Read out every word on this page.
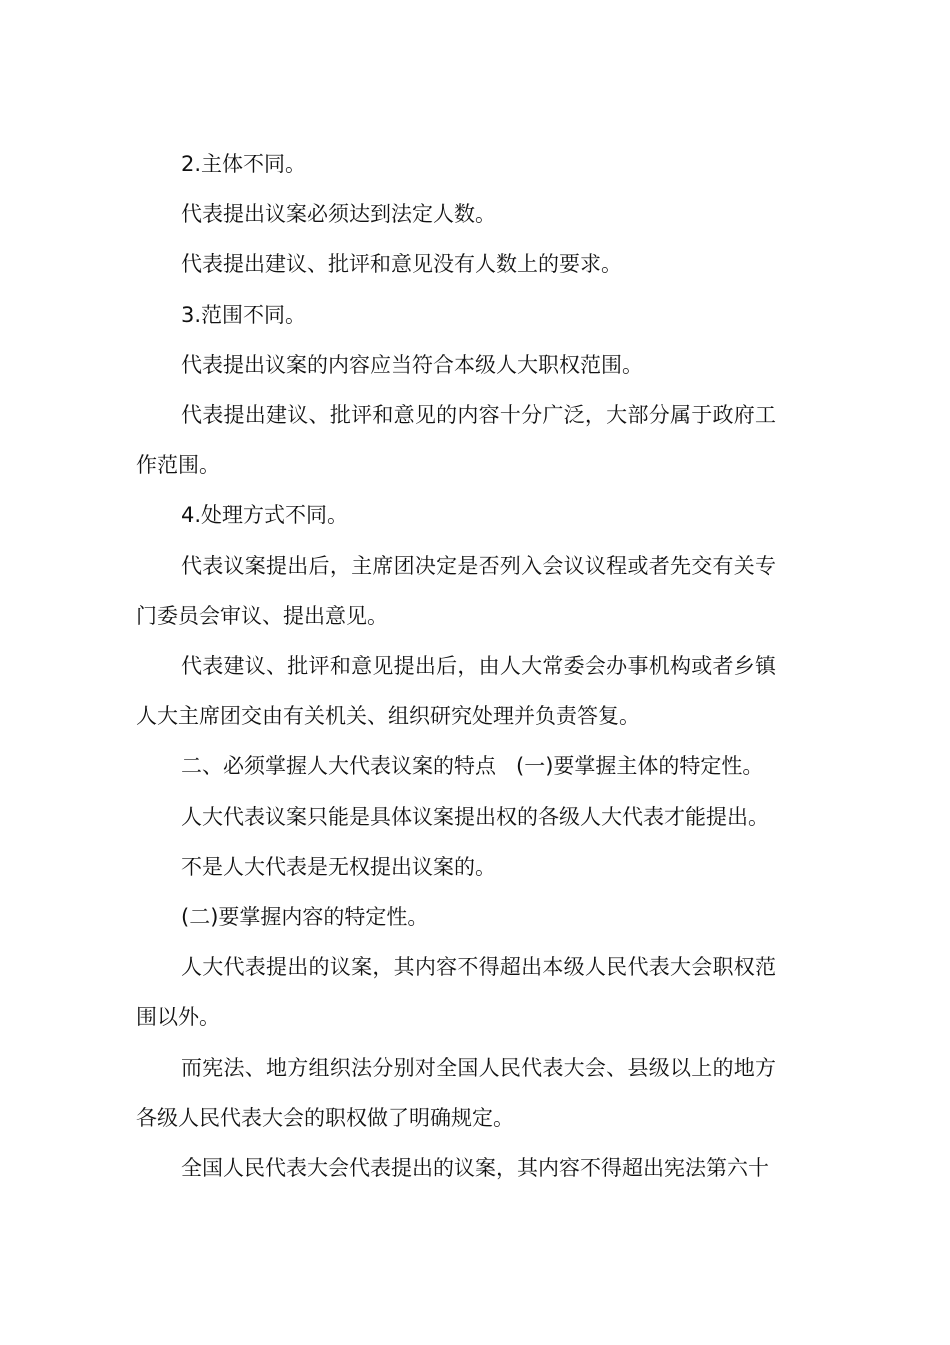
2.主体不同。

代表提出议案必须达到法定人数。

代表提出建议、批评和意见没有人数上的要求。

3.范围不同。

代表提出议案的内容应当符合本级人大职权范围。

代表提出建议、批评和意见的内容十分广泛，大部分属于政府工作范围。

4.处理方式不同。

代表议案提出后，主席团决定是否列入会议议程或者先交有关专门委员会审议、提出意见。

代表建议、批评和意见提出后，由人大常委会办事机构或者乡镇人大主席团交由有关机关、组织研究处理并负责答复。

二、必须掌握人大代表议案的特点 (一)要掌握主体的特定性。

人大代表议案只能是具体议案提出权的各级人大代表才能提出。

不是人大代表是无权提出议案的。

(二)要掌握内容的特定性。

人大代表提出的议案，其内容不得超出本级人民代表大会职权范围以外。

而宪法、地方组织法分别对全国人民代表大会、县级以上的地方各级人民代表大会的职权做了明确规定。

全国人民代表大会代表提出的议案，其内容不得超出宪法第六十
